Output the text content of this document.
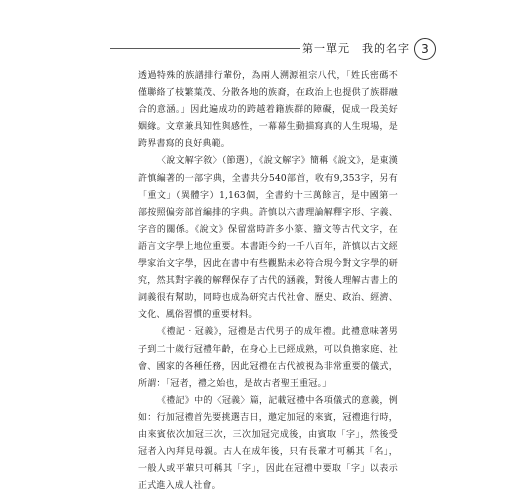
第一單元 我的名字 3

透過特殊的族譜排行輩份，為兩人溯源祖宗八代，「姓氏密碼不僅聯絡了枝繁葉茂、分散各地的族裔，在政治上也提供了族群融合的意涵。」因此遍成功的跨越着籍族群的障礙，促成一段美好姻緣。文章兼具知性與感性，一幕幕生動描寫真的人生現場，是跨界書寫的良好典範。

〈說文解字敘〉（節選），《說文解字》簡稱《說文》，是東漢許慎編著的一部字典，全書共分540部首，收有9,353字，另有「重文」（異體字）1,163個，全書約十三萬餘言，是中國第一部按照偏旁部首編排的字典。許慎以六書理論解釋字形、字義、字音的關係。《說文》保留當時許多小篆、籀文等古代文字，在語言文字學上地位重要。本書距今約一千八百年，許慎以古文經學家治文字學，因此在書中有些觀點未必符合現今對文字學的研究，然其對字義的解釋保存了古代的涵義，對後人理解古書上的詞義很有幫助，同時也成為研究古代社會、歷史、政治、經濟、文化、風俗習慣的重要材料。

《禮記‧冠義》，冠禮是古代男子的成年禮。此禮意味著男子到二十歲行冠禮年齡，在身心上已經成熟，可以負擔家庭、社會、國家的各種任務，因此冠禮在古代被視為非常重要的儀式，所謂：「冠者，禮之始也，是故古者聖王重冠。」

《禮記》中的〈冠義〉篇，記載冠禮中各項儀式的意義，例如：行加冠禮首先要挑選吉日，邀定加冠的來賓，冠禮進行時，由來賓依次加冠三次，三次加冠完成後，由賓取「字」，然後受冠者入內拜見母親。古人在成年後，只有長輩才可稱其「名」，一般人或平輩只可稱其「字」，因此在冠禮中要取「字」以表示正式進入成人社會。
